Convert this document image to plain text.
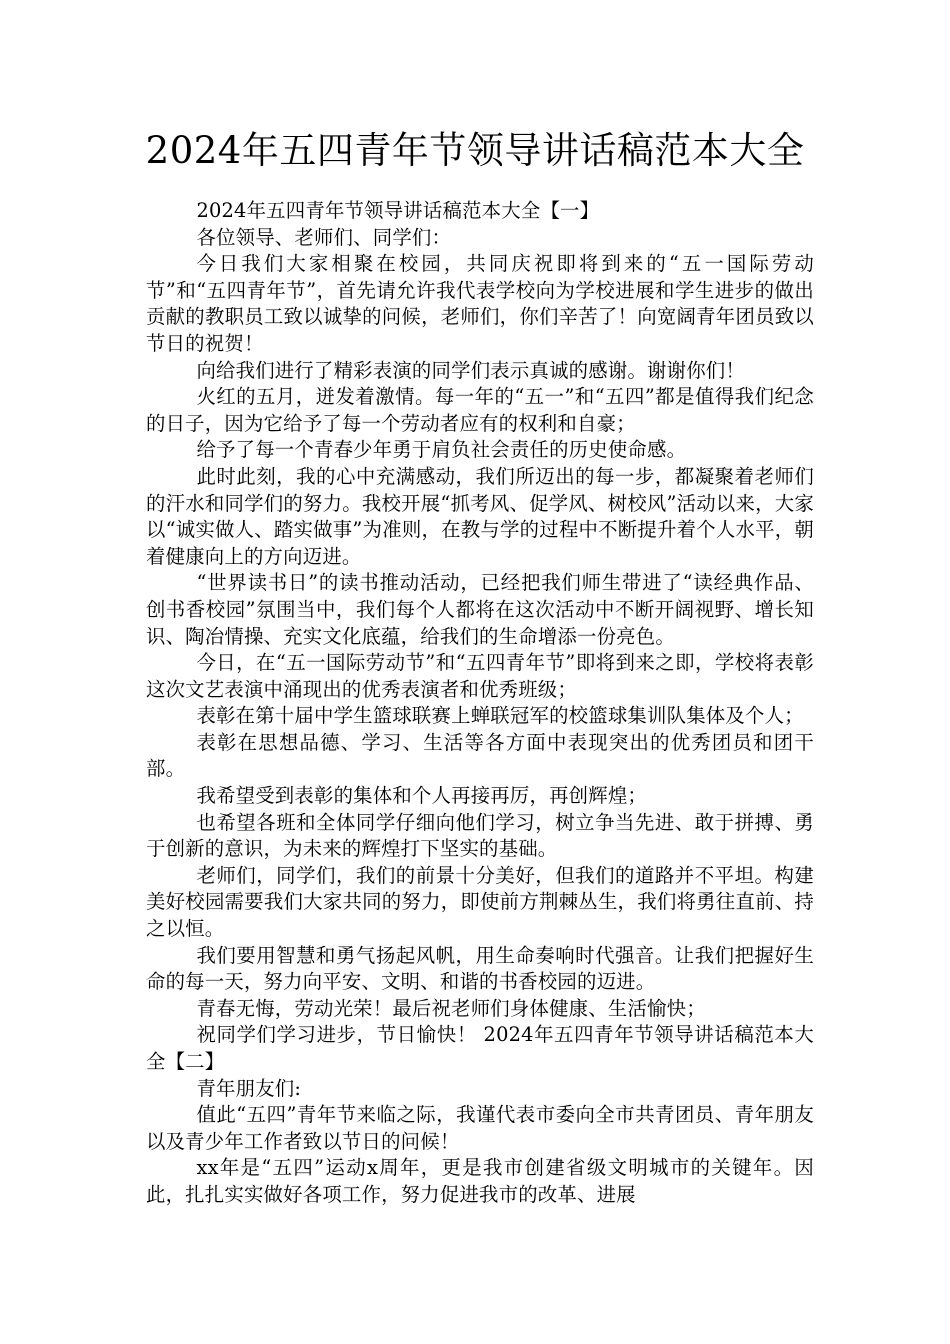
2024年五四青年节领导讲话稿范本大全

2024年五四青年节领导讲话稿范本大全【一】

各位领导、老师们、同学们：

今日我们大家相聚在校园，共同庆祝即将到来的“五一国际劳动节”和“五四青年节”，首先请允许我代表学校向为学校进展和学生进步的做出贡献的教职员工致以诚挚的问候，老师们，你们辛苦了！向宽阔青年团员致以节日的祝贺！

向给我们进行了精彩表演的同学们表示真诚的感谢。谢谢你们！

火红的五月，迸发着激情。每一年的“五一”和“五四”都是值得我们纪念的日子，因为它给予了每一个劳动者应有的权利和自豪；

给予了每一个青春少年勇于肩负社会责任的历史使命感。

此时此刻，我的心中充满感动，我们所迈出的每一步，都凝聚着老师们的汗水和同学们的努力。我校开展“抓考风、促学风、树校风”活动以来，大家以“诚实做人、踏实做事”为准则，在教与学的过程中不断提升着个人水平，朝着健康向上的方向迈进。

“世界读书日”的读书推动活动，已经把我们师生带进了“读经典作品、创书香校园”氛围当中，我们每个人都将在这次活动中不断开阔视野、增长知识、陶冶情操、充实文化底蕴，给我们的生命增添一份亮色。

今日，在“五一国际劳动节”和“五四青年节”即将到来之即，学校将表彰这次文艺表演中涌现出的优秀表演者和优秀班级；

表彰在第十届中学生篮球联赛上蝉联冠军的校篮球集训队集体及个人；

表彰在思想品德、学习、生活等各方面中表现突出的优秀团员和团干部。

我希望受到表彰的集体和个人再接再厉，再创辉煌；

也希望各班和全体同学仔细向他们学习，树立争当先进、敢于拼搏、勇于创新的意识，为未来的辉煌打下坚实的基础。

老师们，同学们，我们的前景十分美好，但我们的道路并不平坦。构建美好校园需要我们大家共同的努力，即使前方荆棘丛生，我们将勇往直前、持之以恒。

我们要用智慧和勇气扬起风帆，用生命奏响时代强音。让我们把握好生命的每一天，努力向平安、文明、和谐的书香校园的迈进。

青春无悔，劳动光荣！最后祝老师们身体健康、生活愉快；

祝同学们学习进步，节日愉快！ 2024年五四青年节领导讲话稿范本大全【二】

青年朋友们:

值此“五四”青年节来临之际，我谨代表市委向全市共青团员、青年朋友以及青少年工作者致以节日的问候！

xx年是“五四”运动x周年，更是我市创建省级文明城市的关键年。因此，扎扎实实做好各项工作，努力促进我市的改革、进展
